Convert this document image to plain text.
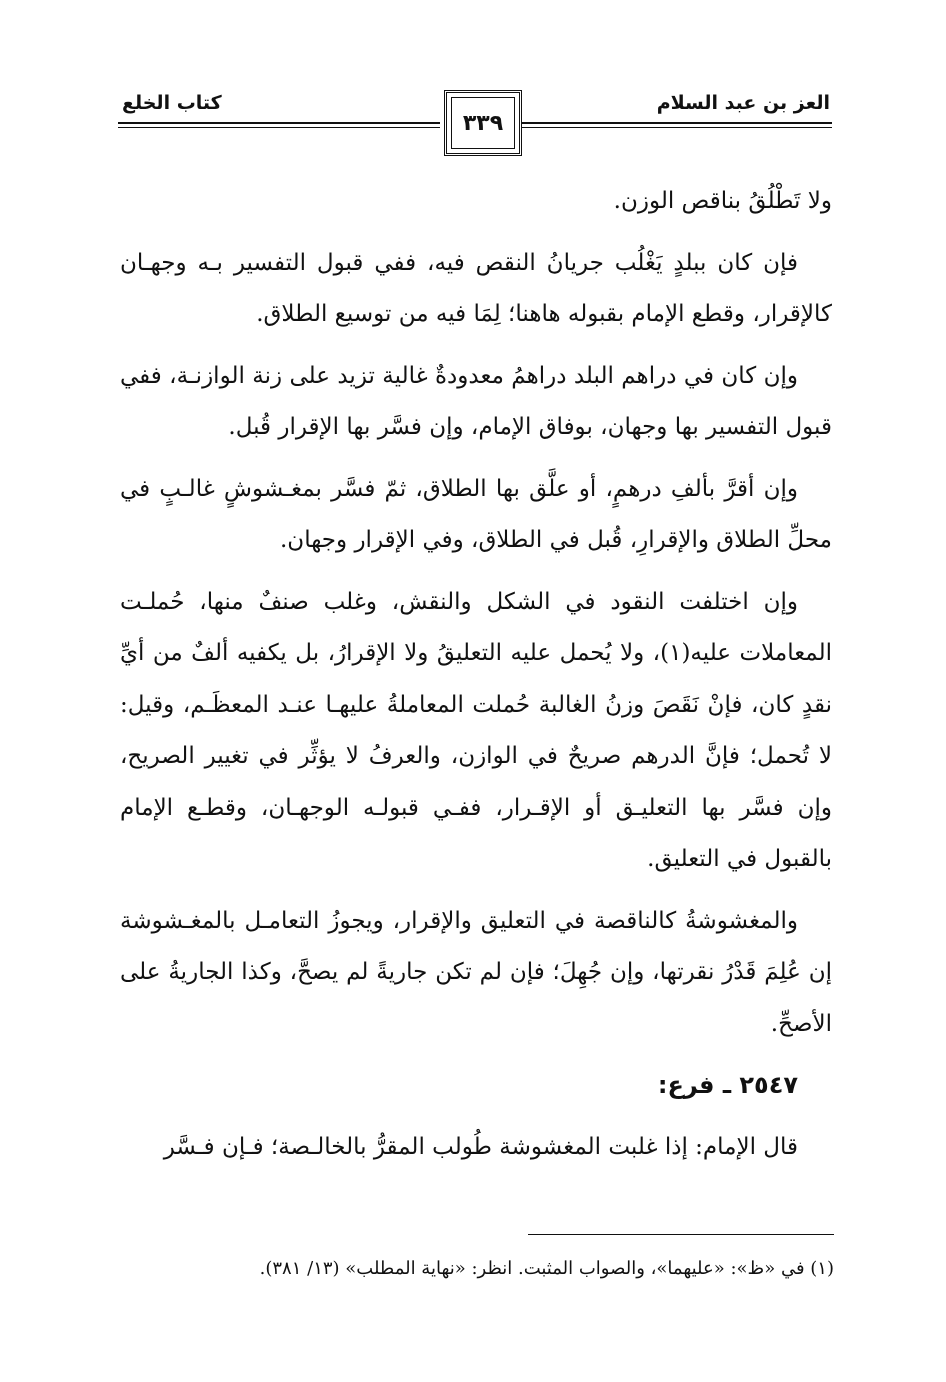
كتاب الخلع	العز بن عبد السلام
٣٣٩

ولا تَطْلُقُ بناقص الوزن.

فإن كان ببلدٍ يَغْلُب جريانُ النقص فيه، ففي قبول التفسير بـه وجهـان كالإقرار، وقطع الإمام بقبوله هاهنا؛ لِمَا فيه من توسيع الطلاق.

وإن كان في دراهم البلد دراهمُ معدودةٌ غالية تزيد على زنة الوازنـة، ففي قبول التفسير بها وجهان، بوفاق الإمام، وإن فسَّر بها الإقرار قُبل.

وإن أقرَّ بألفِ درهمٍ، أو علَّق بها الطلاق، ثمّ فسَّر بمغـشوشٍ غالـبٍ في محلِّ الطلاق والإقرارِ، قُبل في الطلاق، وفي الإقرار وجهان.

وإن اختلفت النقود في الشكل والنقش، وغلب صنفٌ منها، حُملـت المعاملات عليه(١)، ولا يُحمل عليه التعليقُ ولا الإقرارُ، بل يكفيه ألفٌ من أيِّ نقدٍ كان، فإنْ نَقَصَ وزنُ الغالبة حُملت المعاملةُ عليهـا عنـد المعظَـم، وقيل: لا تُحمل؛ فإنَّ الدرهم صريحٌ في الوازن، والعرفُ لا يؤثِّر في تغيير الصريح، وإن فسَّر بها التعليـق أو الإقـرار، ففـي قبولـه الوجهـان، وقطـع الإمام بالقبول في التعليق.

والمغشوشةُ كالناقصة في التعليق والإقرار، ويجوزُ التعامـل بالمغـشوشة إن عُلِمَ قَدْرُ نقرتها، وإن جُهِلَ؛ فإن لم تكن جاريةً لم يصحَّ، وكذا الجاريةُ على الأصحِّ.

٢٥٤٧ ـ فرع:

قال الإمام: إذا غلبت المغشوشة طُولب المقرُّ بالخالـصة؛ فـإن فـسَّر

(١) في «ظ»: «عليهما»، والصواب المثبت. انظر: «نهاية المطلب» (١٣/ ٣٨١).
